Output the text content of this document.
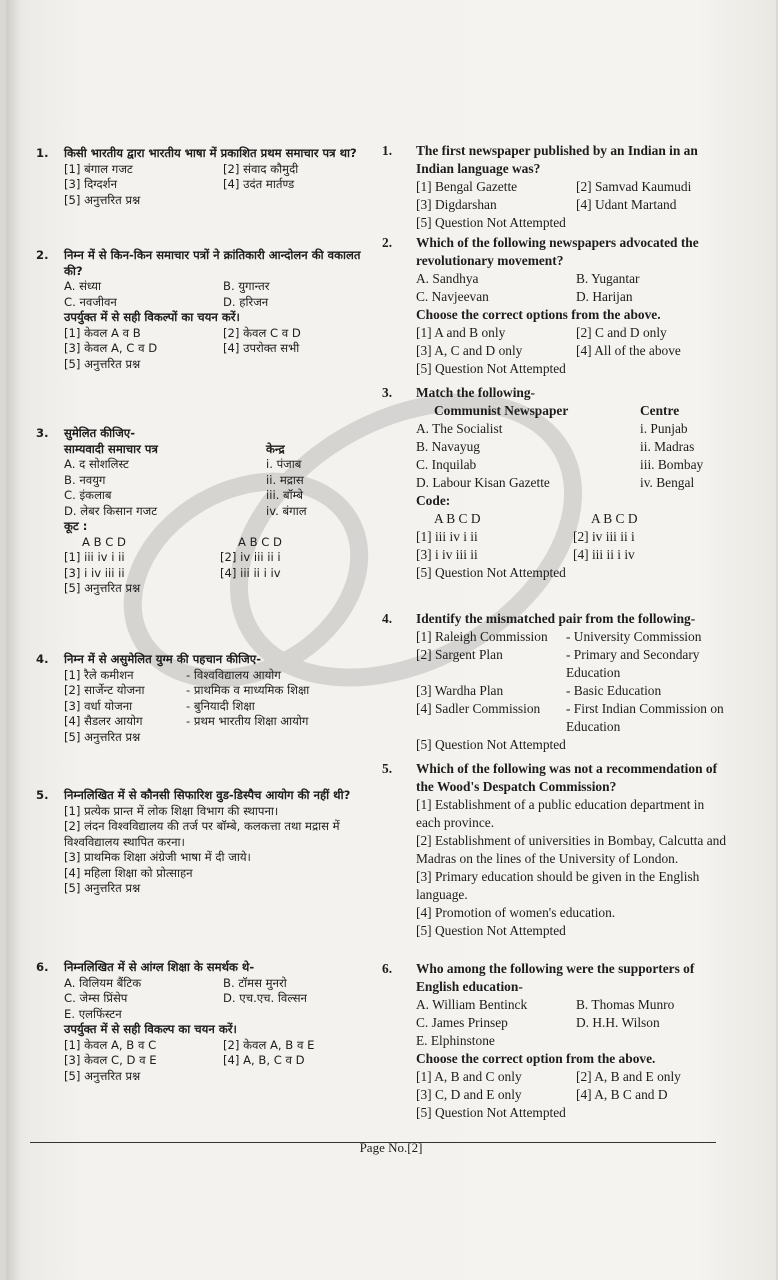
1. किसी भारतीय द्वारा भारतीय भाषा में प्रकाशित प्रथम समाचार पत्र था?
[1] बंगाल गजट	[2] संवाद कौमुदी
[3] दिग्दर्शन	[4] उदंत मार्तण्ड
[5] अनुत्तरित प्रश्न
2. निम्न में से किन-किन समाचार पत्रों ने क्रांतिकारी आन्दोलन की वकालत की?
A. संध्या	B. युगान्तर
C. नवजीवन	D. हरिजन
उपर्युक्त में से सही विकल्पों का चयन करें।
[1] केवल A व B	[2] केवल C व D
[3] केवल A, C व D	[4] उपरोक्त सभी
[5] अनुत्तरित प्रश्न
3. सुमेलित कीजिए-
साम्यवादी समाचार पत्र	केन्द्र
A. द सोशलिस्ट	i. पंजाब
B. नवयुग	ii. मद्रास
C. इंकलाब	iii. बॉम्बे
D. लेबर किसान गजट	iv. बंगाल
कूट :
A B C D	A B C D
[1] iii iv i ii	[2] iv iii ii i
[3] i iv iii ii	[4] iii ii i iv
[5] अनुत्तरित प्रश्न
4. निम्न में से असुमेलित युग्म की पहचान कीजिए-
[1] रैले कमीशन	- विश्वविद्यालय आयोग
[2] सार्जेन्ट योजना	- प्राथमिक व माध्यमिक शिक्षा
[3] वर्धा योजना	- बुनियादी शिक्षा
[4] सैडलर आयोग	- प्रथम भारतीय शिक्षा आयोग
[5] अनुत्तरित प्रश्न
5. निम्नलिखित में से कौनसी सिफारिश वुड-डिस्पैच आयोग की नहीं थी?
[1] प्रत्येक प्रान्त में लोक शिक्षा विभाग की स्थापना।
[2] लंदन विश्वविद्यालय की तर्ज पर बॉम्बे, कलकत्ता तथा मद्रास में विश्वविद्यालय स्थापित करना।
[3] प्राथमिक शिक्षा अंग्रेजी भाषा में दी जाये।
[4] महिला शिक्षा को प्रोत्साहन
[5] अनुत्तरित प्रश्न
6. निम्नलिखित में से आंग्ल शिक्षा के समर्थक थे-
A. विलियम बैंटिक	B. टॉमस मुनरो
C. जेम्स प्रिंसेप	D. एच.एच. विल्सन
E. एलफिंस्टन
उपर्युक्त में से सही विकल्प का चयन करें।
[1] केवल A, B व C	[2] केवल A, B व E
[3] केवल C, D व E	[4] A, B, C व D
[5] अनुत्तरित प्रश्न
1. The first newspaper published by an Indian in an Indian language was?
[1] Bengal Gazette	[2] Samvad Kaumudi
[3] Digdarshan	[4] Udant Martand
[5] Question Not Attempted
2. Which of the following newspapers advocated the revolutionary movement?
A. Sandhya	B. Yugantar
C. Navjeevan	D. Harijan
Choose the correct options from the above.
[1] A and B only	[2] C and D only
[3] A, C and D only	[4] All of the above
[5] Question Not Attempted
3. Match the following-
Communist Newspaper	Centre
A. The Socialist	i. Punjab
B. Navayug	ii. Madras
C. Inquilab	iii. Bombay
D. Labour Kisan Gazette	iv. Bengal
Code:
A B C D	A B C D
[1] iii iv i ii	[2] iv iii ii i
[3] i iv iii ii	[4] iii ii i iv
[5] Question Not Attempted
4. Identify the mismatched pair from the following-
[1] Raleigh Commission	- University Commission
[2] Sargent Plan	- Primary and Secondary Education
[3] Wardha Plan	- Basic Education
[4] Sadler Commission	- First Indian Commission on Education
[5] Question Not Attempted
5. Which of the following was not a recommendation of the Wood's Despatch Commission?
[1] Establishment of a public education department in each province.
[2] Establishment of universities in Bombay, Calcutta and Madras on the lines of the University of London.
[3] Primary education should be given in the English language.
[4] Promotion of women's education.
[5] Question Not Attempted
6. Who among the following were the supporters of English education-
A. William Bentinck	B. Thomas Munro
C. James Prinsep	D. H.H. Wilson
E. Elphinstone
Choose the correct option from the above.
[1] A, B and C only	[2] A, B and E only
[3] C, D and E only	[4] A, B C and D
[5] Question Not Attempted
Page No.[2]
